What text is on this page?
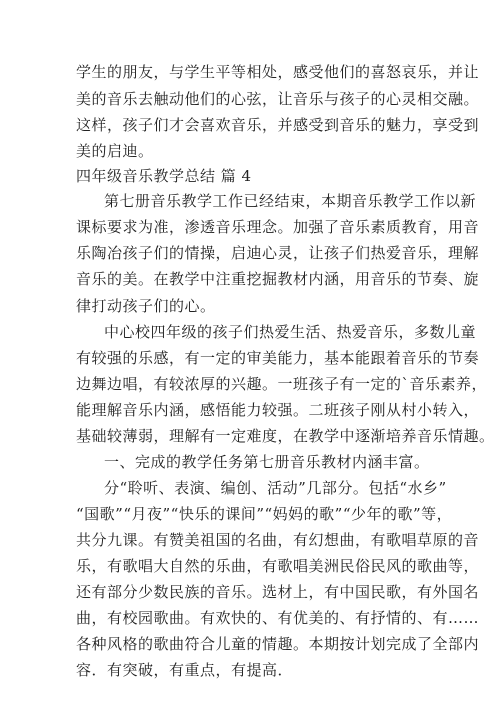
学生的朋友，与学生平等相处，感受他们的喜怒哀乐，并让
美的音乐去触动他们的心弦，让音乐与孩子的心灵相交融。
这样，孩子们才会喜欢音乐，并感受到音乐的魅力，享受到
美的启迪。
四年级音乐教学总结 篇 4
第七册音乐教学工作已经结束，本期音乐教学工作以新
课标要求为准，渗透音乐理念。加强了音乐素质教育，用音
乐陶冶孩子们的情操，启迪心灵，让孩子们热爱音乐，理解
音乐的美。在教学中注重挖掘教材内涵，用音乐的节奏、旋
律打动孩子们的心。
中心校四年级的孩子们热爱生活、热爱音乐，多数儿童
有较强的乐感，有一定的审美能力，基本能跟着音乐的节奏
边舞边唱，有较浓厚的兴趣。一班孩子有一定的`音乐素养，
能理解音乐内涵，感悟能力较强。二班孩子刚从村小转入，
基础较薄弱，理解有一定难度，在教学中逐渐培养音乐情趣。
一、完成的教学任务第七册音乐教材内涵丰富。
分“聆听、表演、编创、活动”几部分。包括“水乡”
“国歌”“月夜”“快乐的课间”“妈妈的歌”“少年的歌”等，
共分九课。有赞美祖国的名曲，有幻想曲，有歌唱草原的音
乐，有歌唱大自然的乐曲，有歌唱美洲民俗民风的歌曲等，
还有部分少数民族的音乐。选材上，有中国民歌，有外国名
曲，有校园歌曲。有欢快的、有优美的、有抒情的、有……
各种风格的歌曲符合儿童的情趣。本期按计划完成了全部内
容．有突破，有重点，有提高．
